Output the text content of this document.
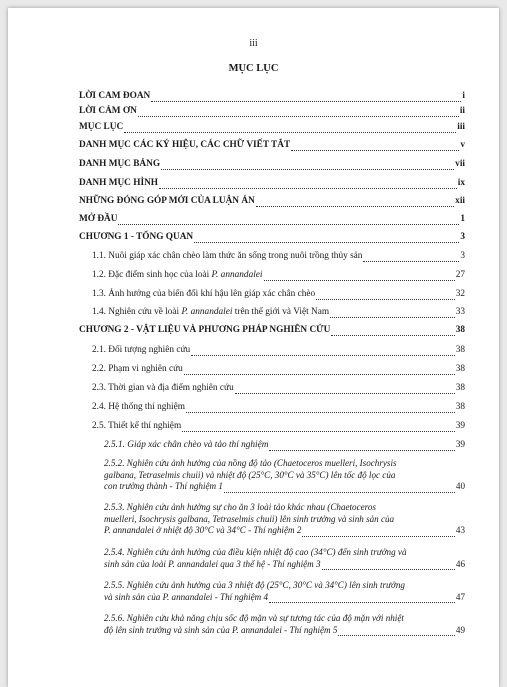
iii
MỤC LỤC
LỜI CAM ĐOAN	i
LỜI CẢM ƠN	ii
MỤC LỤC	iii
DANH MỤC CÁC KÝ HIỆU, CÁC CHỮ VIẾT TẮT	v
DANH MỤC BẢNG	vii
DANH MỤC HÌNH	ix
NHỮNG ĐÓNG GÓP MỚI CỦA LUẬN ÁN	xii
MỞ ĐẦU	1
CHƯƠNG 1 - TỔNG QUAN	3
1.1. Nuôi giáp xác chân chèo làm thức ăn sống trong nuôi trồng thủy sản	3
1.2. Đặc điểm sinh học của loài P. annandalei	27
1.3. Ảnh hưởng của biến đổi khí hậu lên giáp xác chân chèo	32
1.4. Nghiên cứu về loài P. annandalei trên thế giới và Việt Nam	33
CHƯƠNG 2 - VẬT LIỆU VÀ PHƯƠNG PHÁP NGHIÊN CỨU	38
2.1. Đối tượng nghiên cứu	38
2.2. Phạm vi nghiên cứu	38
2.3. Thời gian và địa điểm nghiên cứu	38
2.4. Hệ thống thí nghiệm	38
2.5. Thiết kế thí nghiệm	39
2.5.1. Giáp xác chân chèo và tảo thí nghiệm	39
2.5.2. Nghiên cứu ảnh hưởng của nồng độ tảo (Chaetoceros muelleri, Isochrysis
galbana, Tetraselmis chuii) và nhiệt độ (25°C, 30°C và 35°C) lên tốc độ lọc của
con trưởng thành - Thí nghiệm 1	40
2.5.3. Nghiên cứu ảnh hưởng sự cho ăn 3 loài tảo khác nhau (Chaetoceros
muelleri, Isochrysis galbana, Tetraselmis chuii) lên sinh trưởng và sinh sản của
P. annandalei ở nhiệt độ 30°C và 34°C - Thí nghiệm 2	43
2.5.4. Nghiên cứu ảnh hưởng của điều kiện nhiệt độ cao (34°C) đến sinh trưởng và
sinh sản của loài P. annandalei qua 3 thế hệ - Thí nghiệm 3	46
2.5.5. Nghiên cứu ảnh hưởng của 3 nhiệt độ (25°C, 30°C và 34°C) lên sinh trưởng
và sinh sản của P. annandalei - Thí nghiệm 4	47
2.5.6. Nghiên cứu khả năng chịu sốc độ mặn và sự tương tác của độ mặn với nhiệt
độ lên sinh trưởng và sinh sản của P. annandalei - Thí nghiệm 5	49
